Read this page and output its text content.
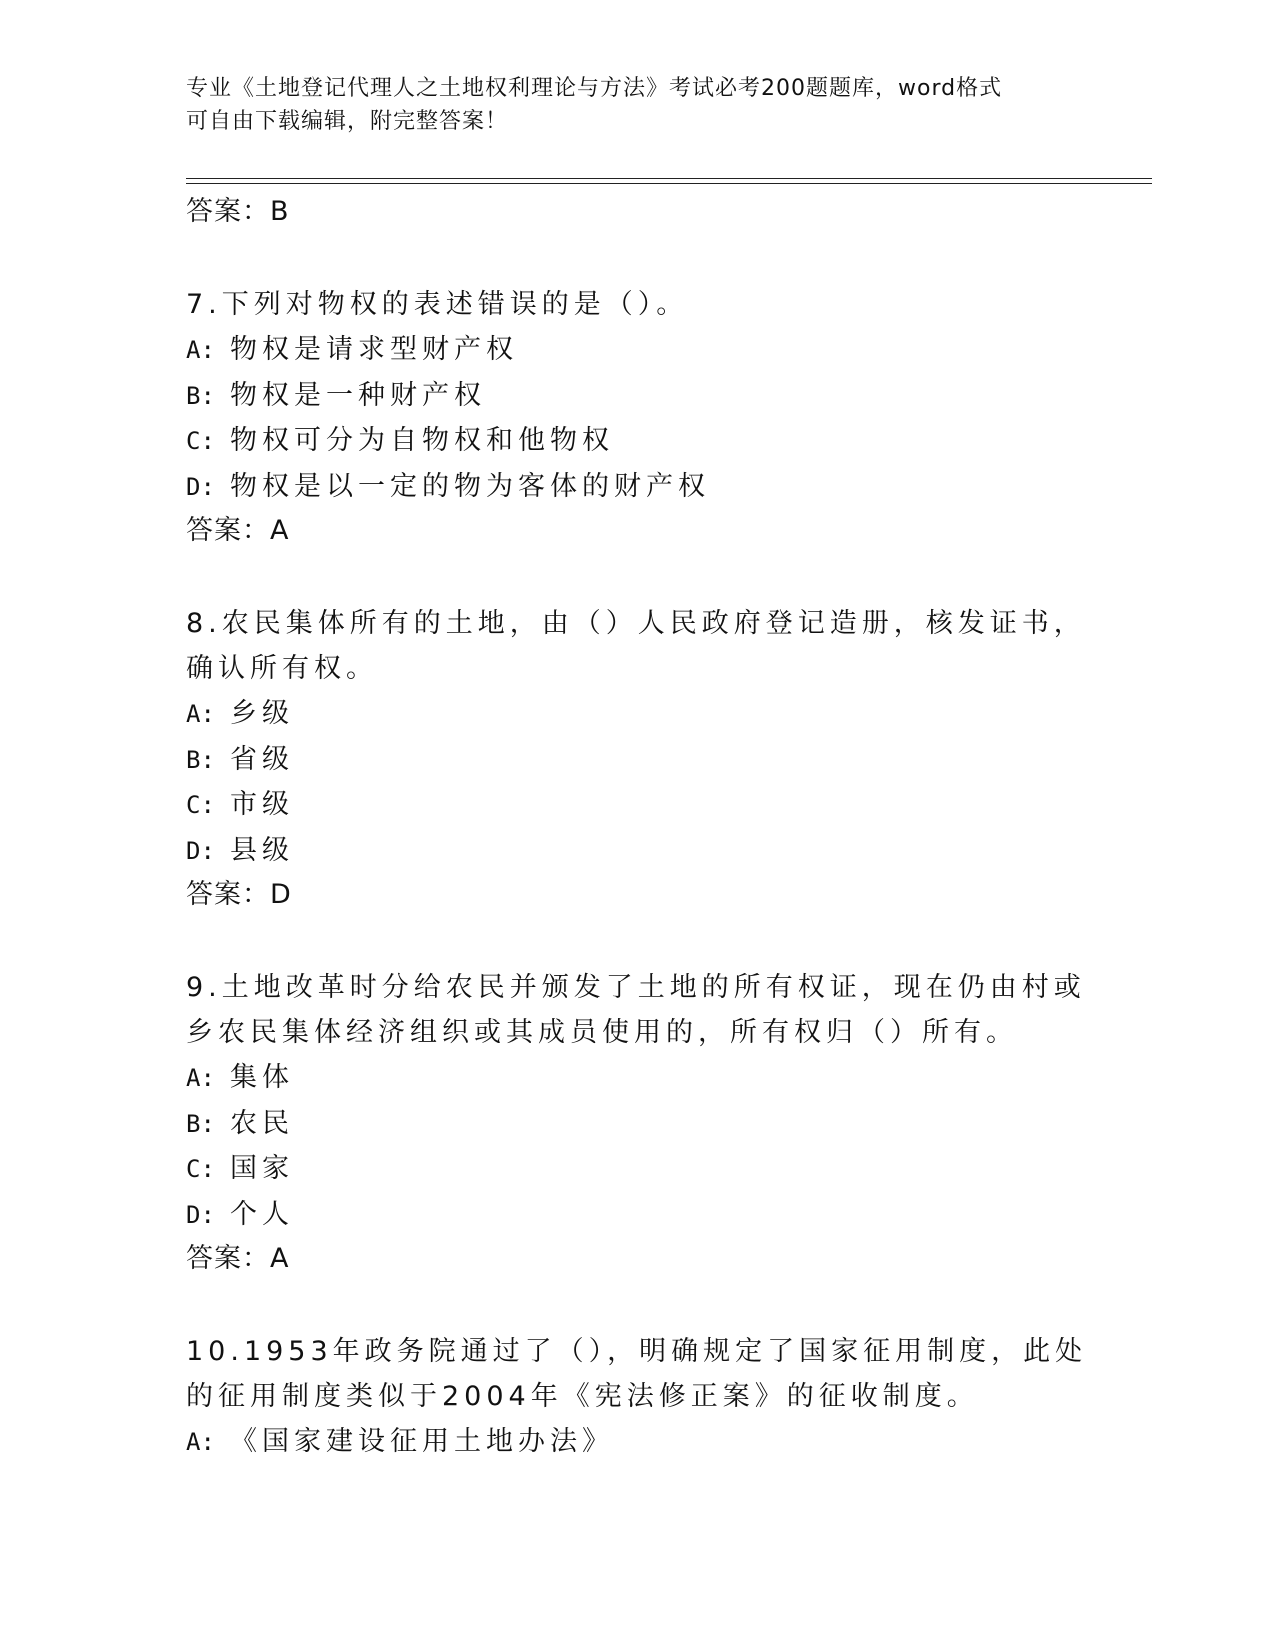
专业《土地登记代理人之土地权利理论与方法》考试必考200题题库，word格式
可自由下载编辑，附完整答案！
答案：B
7.下列对物权的表述错误的是（）。
A: 物权是请求型财产权
B: 物权是一种财产权
C: 物权可分为自物权和他物权
D: 物权是以一定的物为客体的财产权
答案：A
8.农民集体所有的土地，由（）人民政府登记造册，核发证书，确认所有权。
A: 乡级
B: 省级
C: 市级
D: 县级
答案：D
9.土地改革时分给农民并颁发了土地的所有权证，现在仍由村或乡农民集体经济组织或其成员使用的，所有权归（）所有。
A: 集体
B: 农民
C: 国家
D: 个人
答案：A
10.1953年政务院通过了（），明确规定了国家征用制度，此处的征用制度类似于2004年《宪法修正案》的征收制度。
A: 《国家建设征用土地办法》
